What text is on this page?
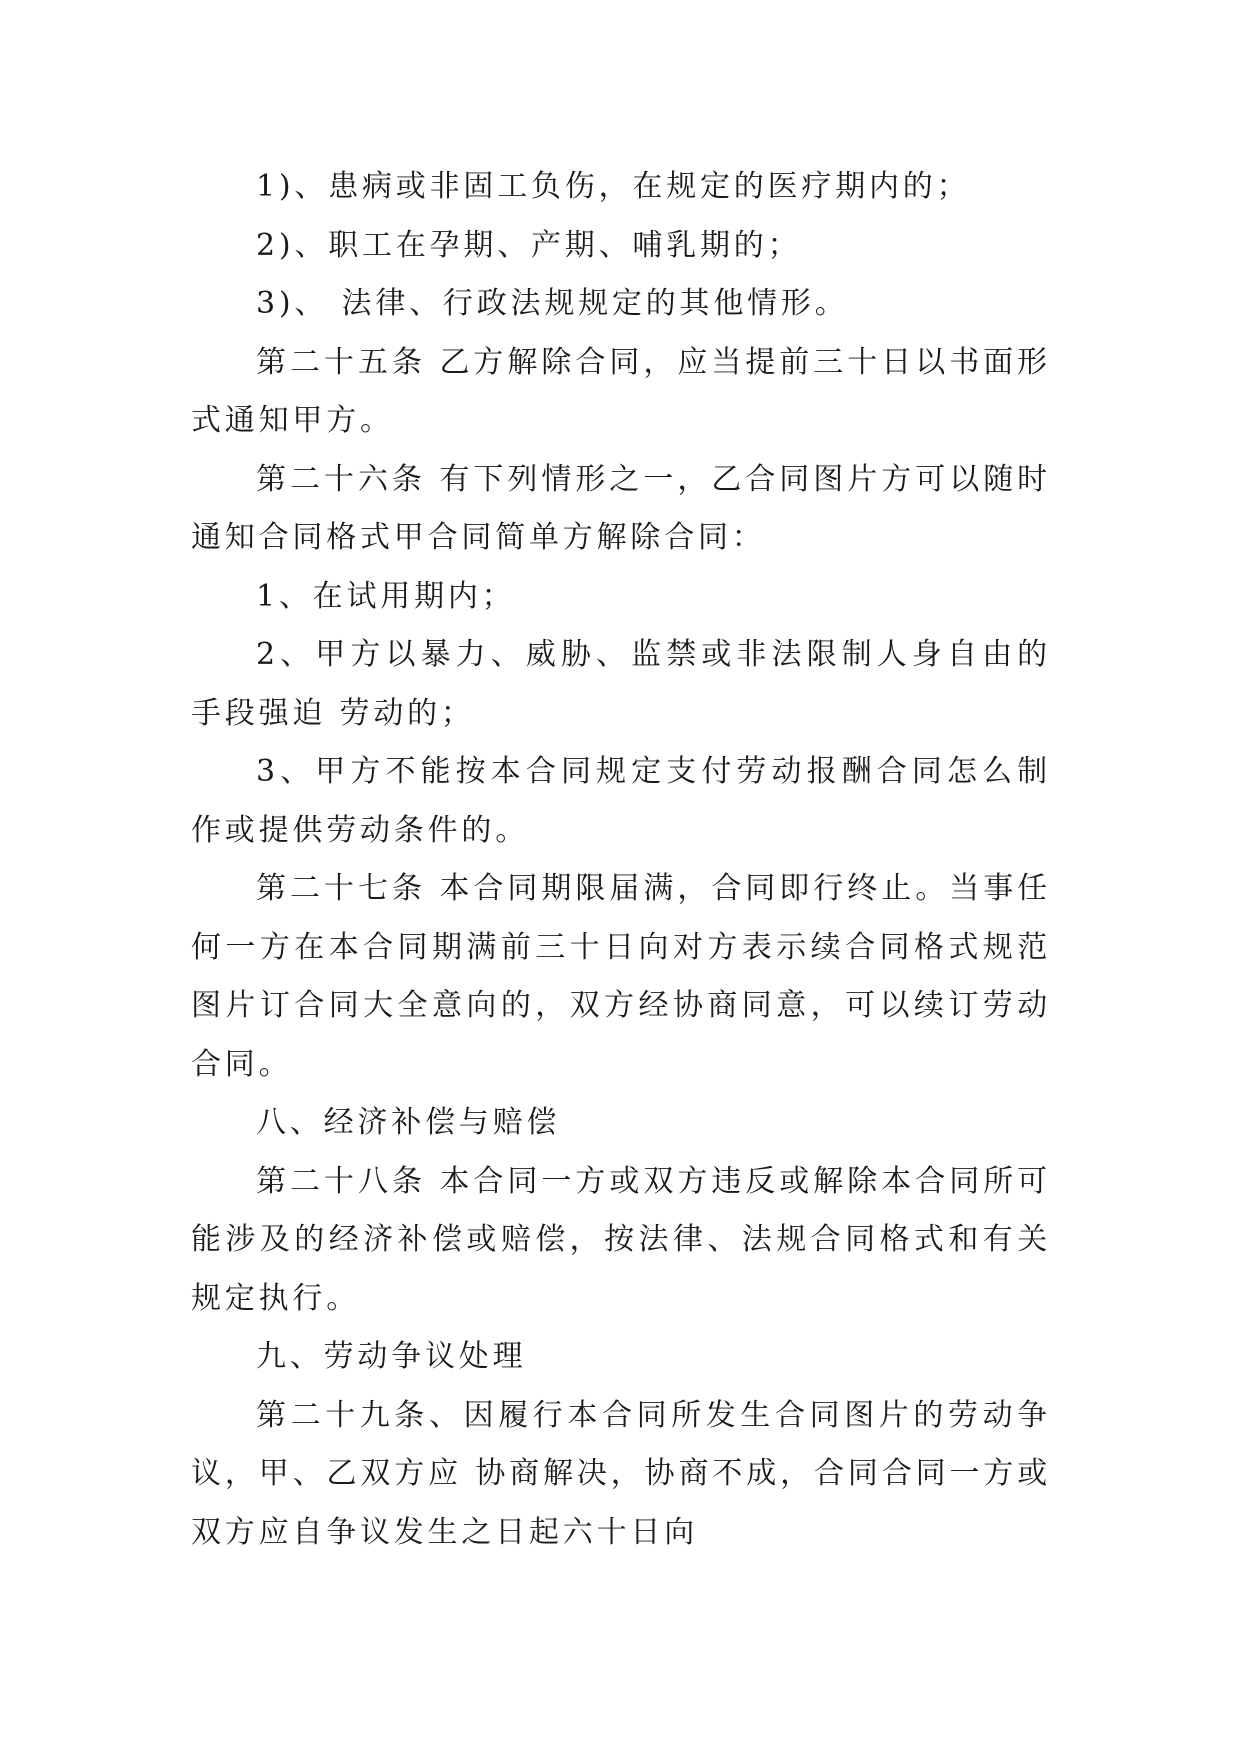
1)、患病或非固工负伤，在规定的医疗期内的；

2)、职工在孕期、产期、哺乳期的；

3)、 法律、行政法规规定的其他情形。

第二十五条 乙方解除合同，应当提前三十日以书面形式通知甲方。

第二十六条 有下列情形之一，乙合同图片方可以随时通知合同格式甲合同简单方解除合同：

1、在试用期内；

2、甲方以暴力、威胁、监禁或非法限制人身自由的手段强迫 劳动的；

3、甲方不能按本合同规定支付劳动报酬合同怎么制作或提供劳动条件的。

第二十七条 本合同期限届满，合同即行终止。当事任何一方在本合同期满前三十日向对方表示续合同格式规范图片订合同大全意向的，双方经协商同意，可以续订劳动合同。

八、经济补偿与赔偿

第二十八条 本合同一方或双方违反或解除本合同所可能涉及的经济补偿或赔偿，按法律、法规合同格式和有关规定执行。

九、劳动争议处理

第二十九条、因履行本合同所发生合同图片的劳动争议，甲、乙双方应 协商解决，协商不成，合同合同一方或双方应自争议发生之日起六十日向
